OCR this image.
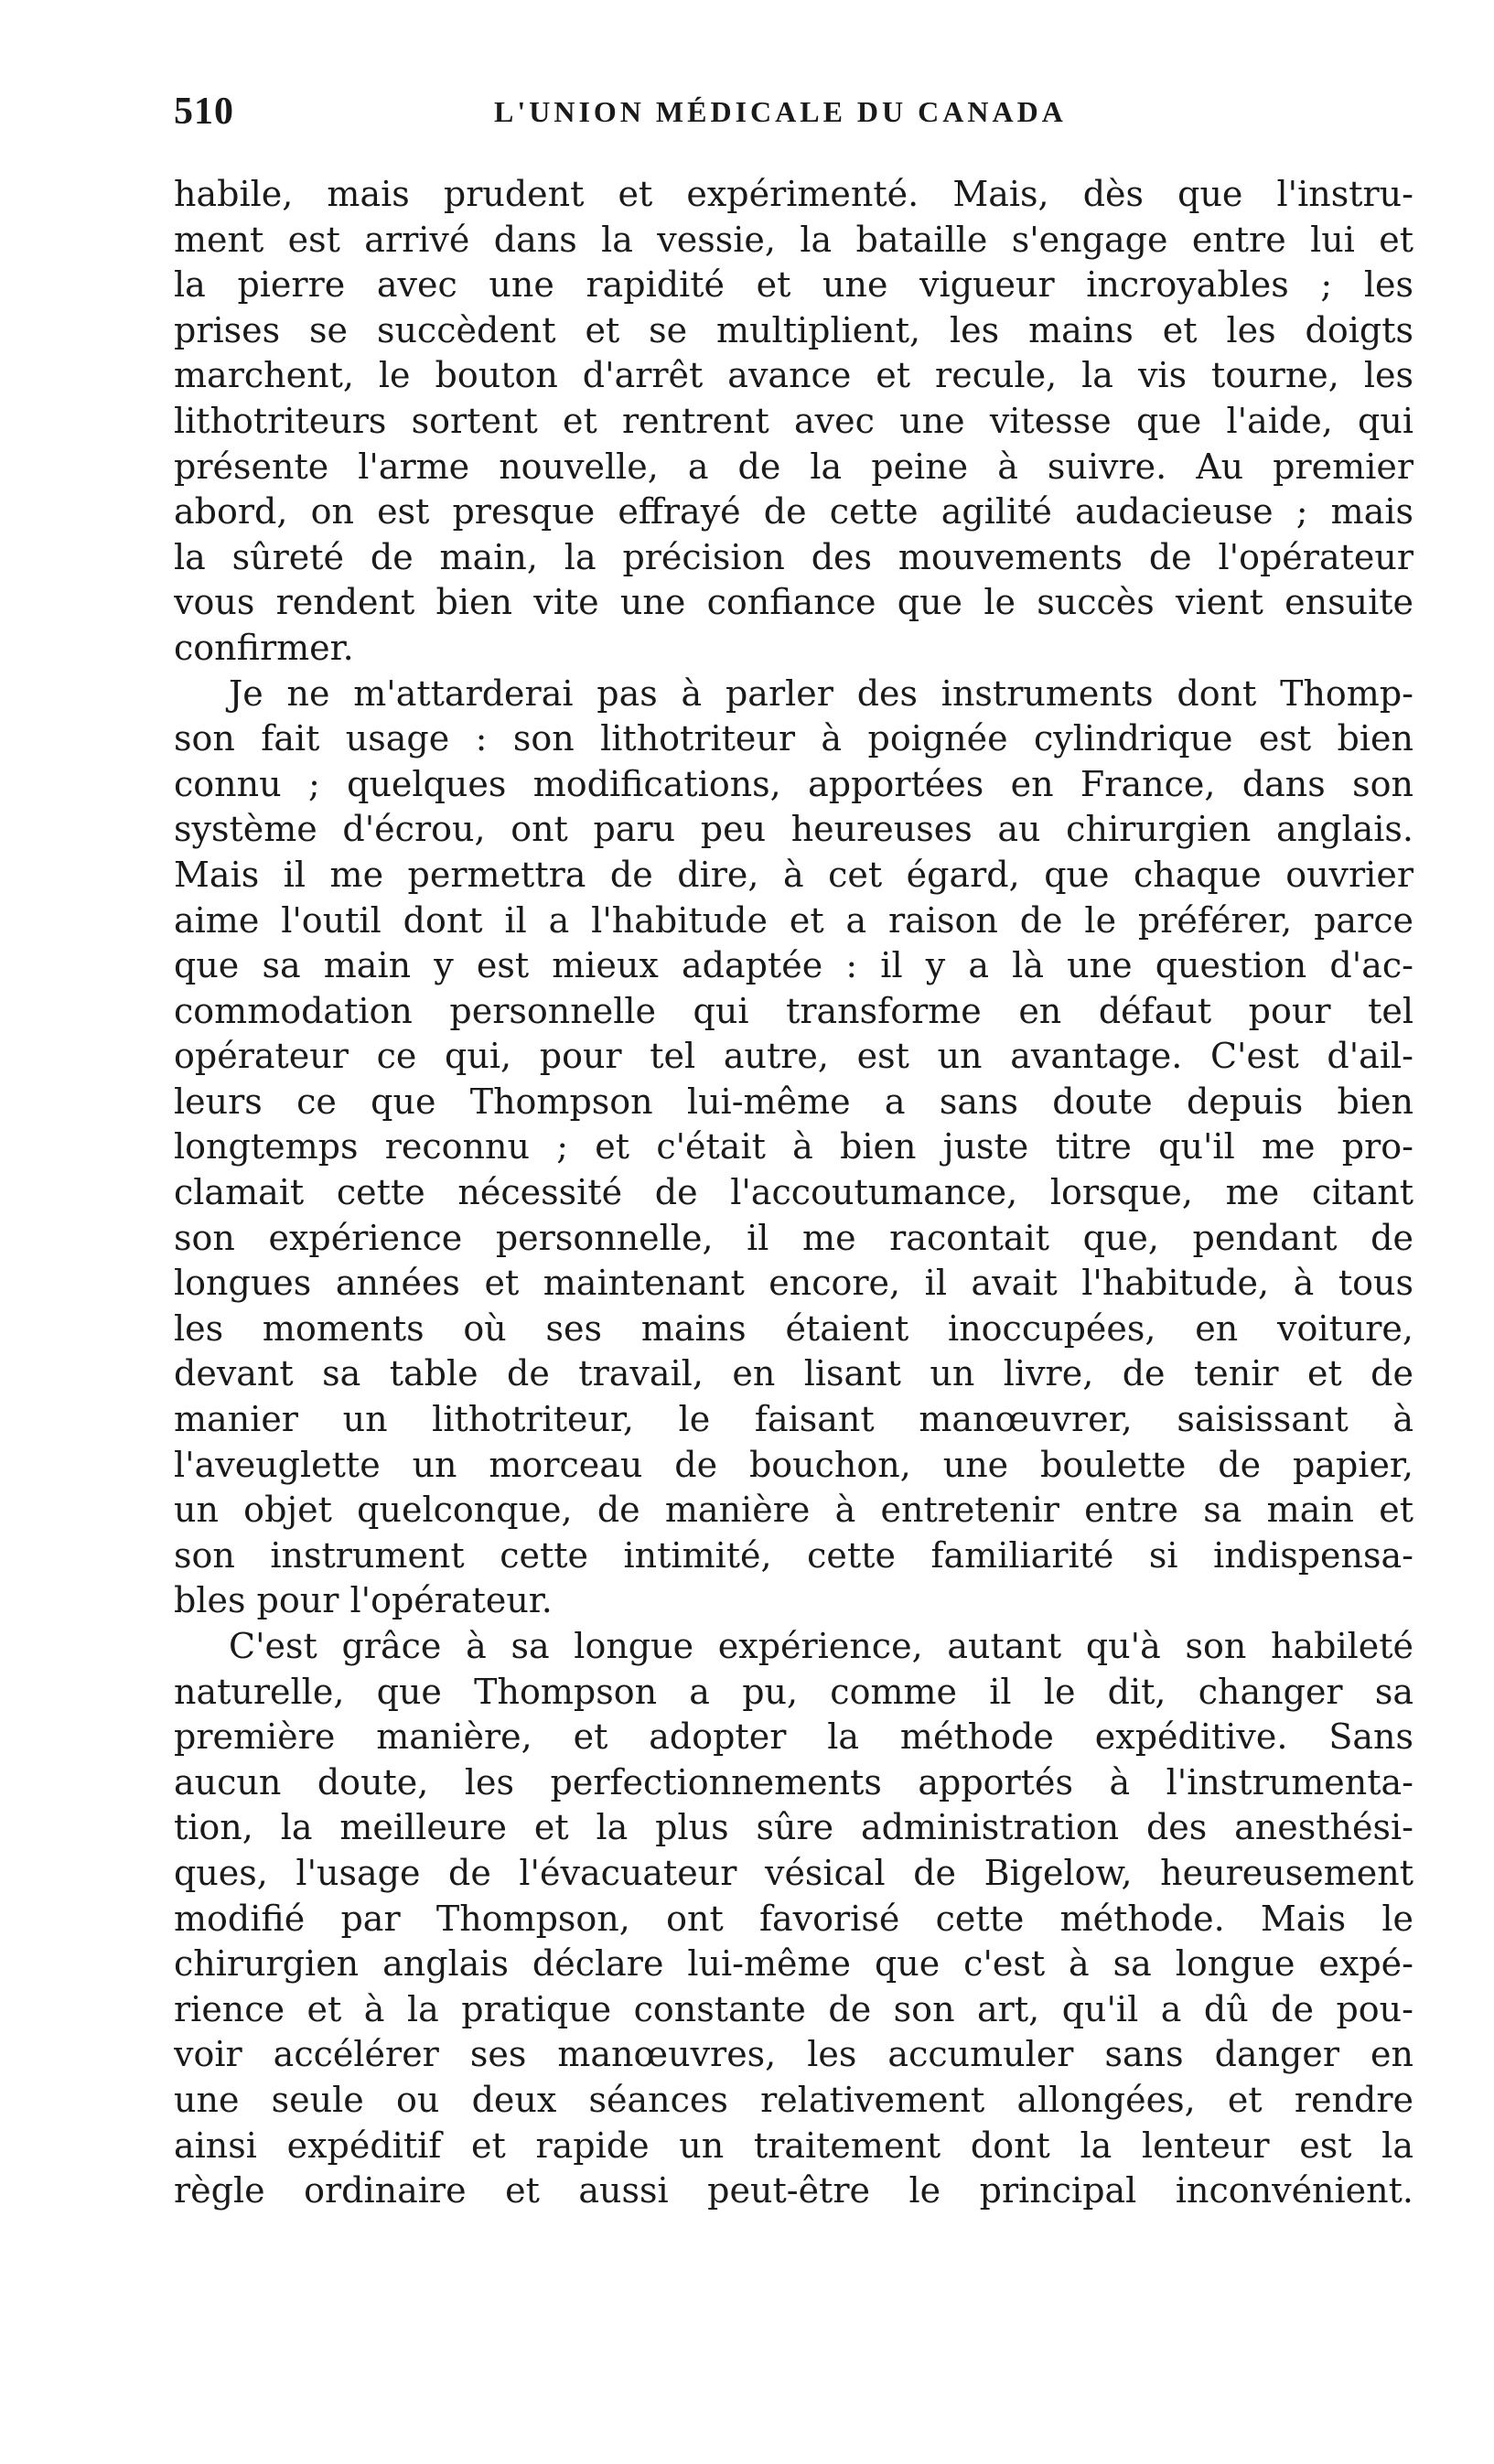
510	L'UNION MÉDICALE DU CANADA
habile, mais prudent et expérimenté. Mais, dès que l'instru-
ment est arrivé dans la vessie, la bataille s'engage entre lui et
la pierre avec une rapidité et une vigueur incroyables ; les
prises se succèdent et se multiplient, les mains et les doigts
marchent, le bouton d'arrêt avance et recule, la vis tourne, les
lithotriteurs sortent et rentrent avec une vitesse que l'aide, qui
présente l'arme nouvelle, a de la peine à suivre. Au premier
abord, on est presque effrayé de cette agilité audacieuse ; mais
la sûreté de main, la précision des mouvements de l'opérateur
vous rendent bien vite une confiance que le succès vient ensuite
confirmer.
Je ne m'attarderai pas à parler des instruments dont Thomp-
son fait usage : son lithotriteur à poignée cylindrique est bien
connu ; quelques modifications, apportées en France, dans son
système d'écrou, ont paru peu heureuses au chirurgien anglais.
Mais il me permettra de dire, à cet égard, que chaque ouvrier
aime l'outil dont il a l'habitude et a raison de le préférer, parce
que sa main y est mieux adaptée : il y a là une question d'ac-
commodation personnelle qui transforme en défaut pour tel
opérateur ce qui, pour tel autre, est un avantage. C'est d'ail-
leurs ce que Thompson lui-même a sans doute depuis bien
longtemps reconnu ; et c'était à bien juste titre qu'il me pro-
clamait cette nécessité de l'accoutumance, lorsque, me citant
son expérience personnelle, il me racontait que, pendant de
longues années et maintenant encore, il avait l'habitude, à tous
les moments où ses mains étaient inoccupées, en voiture,
devant sa table de travail, en lisant un livre, de tenir et de
manier un lithotriteur, le faisant manœuvrer, saisissant à
l'aveuglette un morceau de bouchon, une boulette de papier,
un objet quelconque, de manière à entretenir entre sa main et
son instrument cette intimité, cette familiarité si indispensa-
bles pour l'opérateur.
C'est grâce à sa longue expérience, autant qu'à son habileté
naturelle, que Thompson a pu, comme il le dit, changer sa
première manière, et adopter la méthode expéditive. Sans
aucun doute, les perfectionnements apportés à l'instrumenta-
tion, la meilleure et la plus sûre administration des anesthési-
ques, l'usage de l'évacuateur vésical de Bigelow, heureusement
modifié par Thompson, ont favorisé cette méthode. Mais le
chirurgien anglais déclare lui-même que c'est à sa longue expé-
rience et à la pratique constante de son art, qu'il a dû de pou-
voir accélérer ses manœuvres, les accumuler sans danger en
une seule ou deux séances relativement allongées, et rendre
ainsi expéditif et rapide un traitement dont la lenteur est la
règle ordinaire et aussi peut-être le principal inconvénient.
